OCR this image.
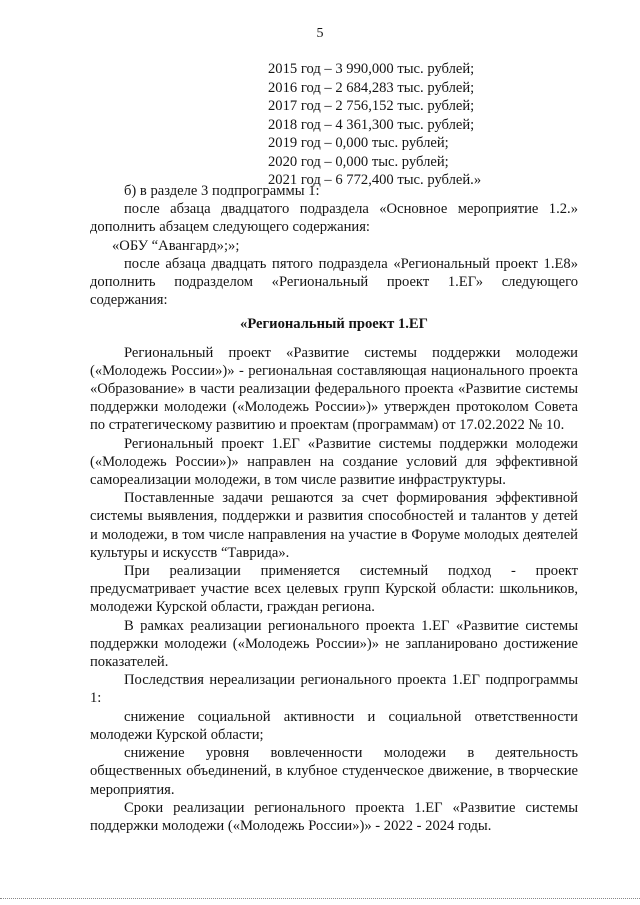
5
2015 год – 3 990,000 тыс. рублей;
2016 год – 2 684,283 тыс. рублей;
2017 год – 2 756,152 тыс. рублей;
2018 год – 4 361,300 тыс. рублей;
2019 год – 0,000 тыс. рублей;
2020 год – 0,000 тыс. рублей;
2021 год – 6 772,400 тыс. рублей.»

б) в разделе 3 подпрограммы 1:

после абзаца двадцатого подраздела «Основное мероприятие 1.2.» дополнить абзацем следующего содержания:

«ОБУ “Авангард»;»;

после абзаца двадцать пятого подраздела «Региональный проект 1.Е8» дополнить подразделом «Региональный проект 1.ЕГ» следующего содержания:

«Региональный проект 1.ЕГ

Региональный проект «Развитие системы поддержки молодежи («Молодежь России»)» - региональная составляющая национального проекта «Образование» в части реализации федерального проекта «Развитие системы поддержки молодежи («Молодежь России»)» утвержден протоколом Совета по стратегическому развитию и проектам (программам) от 17.02.2022 № 10.

Региональный проект 1.ЕГ «Развитие системы поддержки молодежи («Молодежь России»)» направлен на создание условий для эффективной самореализации молодежи, в том числе развитие инфраструктуры.

Поставленные задачи решаются за счет формирования эффективной системы выявления, поддержки и развития способностей и талантов у детей и молодежи, в том числе направления на участие в Форуме молодых деятелей культуры и искусств “Таврида».

При реализации применяется системный подход - проект предусматривает участие всех целевых групп Курской области: школьников, молодежи Курской области, граждан региона.

В рамках реализации регионального проекта 1.ЕГ «Развитие системы поддержки молодежи («Молодежь России»)» не запланировано достижение показателей.

Последствия нереализации регионального проекта 1.ЕГ подпрограммы 1:

снижение социальной активности и социальной ответственности молодежи Курской области;

снижение уровня вовлеченности молодежи в деятельность общественных объединений, в клубное студенческое движение, в творческие мероприятия.

Сроки реализации регионального проекта 1.ЕГ «Развитие системы поддержки молодежи («Молодежь России»)» - 2022 - 2024 годы.
